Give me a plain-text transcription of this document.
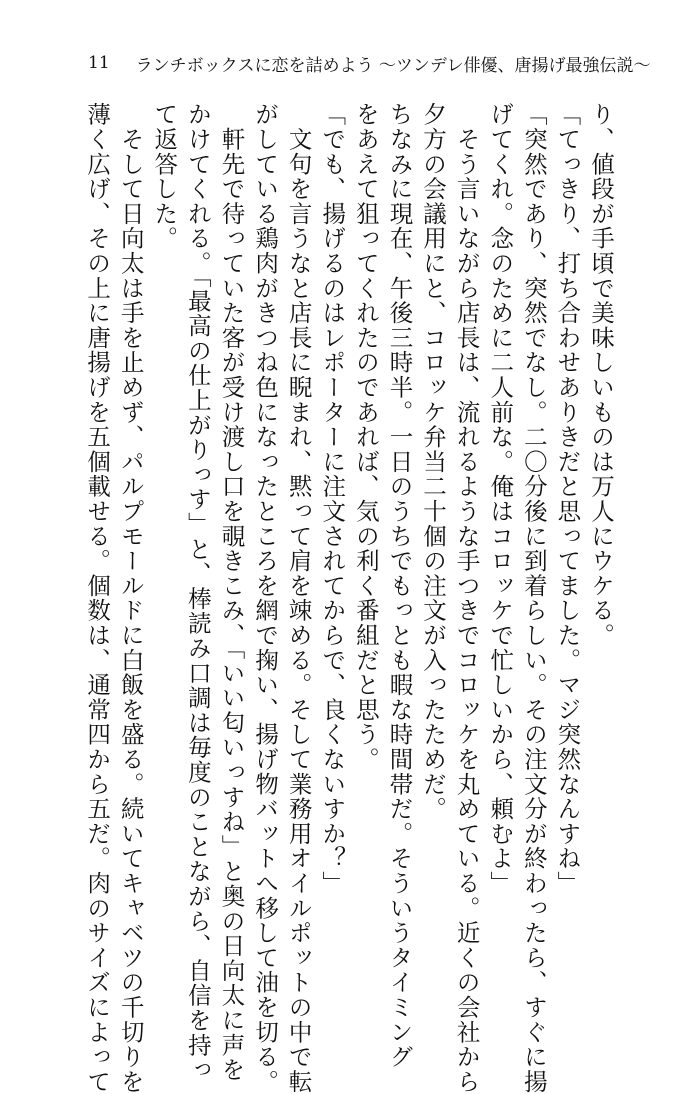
11 ランチボックスに恋を詰めよう 〜ツンデレ俳優、唐揚げ最強伝説〜
り、値段が手頃で美味しいものは万人にウケる。
「てっきり、打ち合わせありきだと思ってました。マジ突然なんすね」
「突然であり、突然でなし。二〇分後に到着らしい。その注文分が終わったら、すぐに揚
げてくれ。念のために二人前な。俺はコロッケで忙しいから、頼むよ」
　そう言いながら店長は、流れるような手つきでコロッケを丸めている。近くの会社から
夕方の会議用にと、コロッケ弁当二十個の注文が入ったためだ。
ちなみに現在、午後三時半。一日のうちでもっとも暇な時間帯だ。そういうタイミング
をあえて狙ってくれたのであれば、気の利く番組だと思う。
「でも、揚げるのはレポーターに注文されてからで、良くないすか？」
　文句を言うなと店長に睨まれ、黙って肩を竦める。そして業務用オイルポットの中で転
がしている鶏肉がきつね色になったところを網で掬い、揚げ物バットへ移して油を切る。
　軒先で待っていた客が受け渡し口を覗きこみ、「いい匂いっすね」と奥の日向太に声を
かけてくれる。「最高の仕上がりっす」と、棒読み口調は毎度のことながら、自信を持っ
て返答した。
　そして日向太は手を止めず、パルプモールドに白飯を盛る。続いてキャベツの千切りを
薄く広げ、その上に唐揚げを五個載せる。個数は、通常四から五だ。肉のサイズによって
